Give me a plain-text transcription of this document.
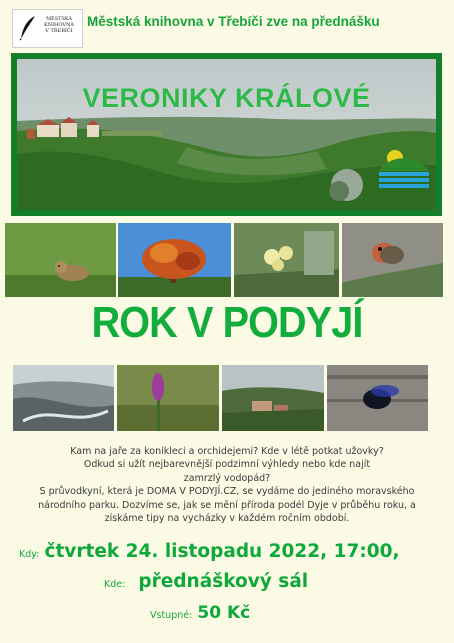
MĚSTSKÁ
KNIHOVNA
V TŘEBÍČI
Městská knihovna v Třebíči zve na přednášku
VERONIKY KRÁLOVÉ
ROK V PODYJÍ

Kam na jaře za konikleci a orchidejemi? Kde v létě potkat užovky?

Odkud si užít nejbarevnější podzimní výhledy nebo kde najít zamrzlý vodopád?

S průvodkyní, která je DOMA V PODYJÍ.CZ, se vydáme do jediného moravského národního parku. Dozvíme se, jak se mění příroda podél Dyje v průběhu roku, a získáme tipy na vycházky v každém ročním období.

Kdy: čtvrtek 24. listopadu 2022, 17:00,
Kde: přednáškový sál
Vstupné: 50 Kč
